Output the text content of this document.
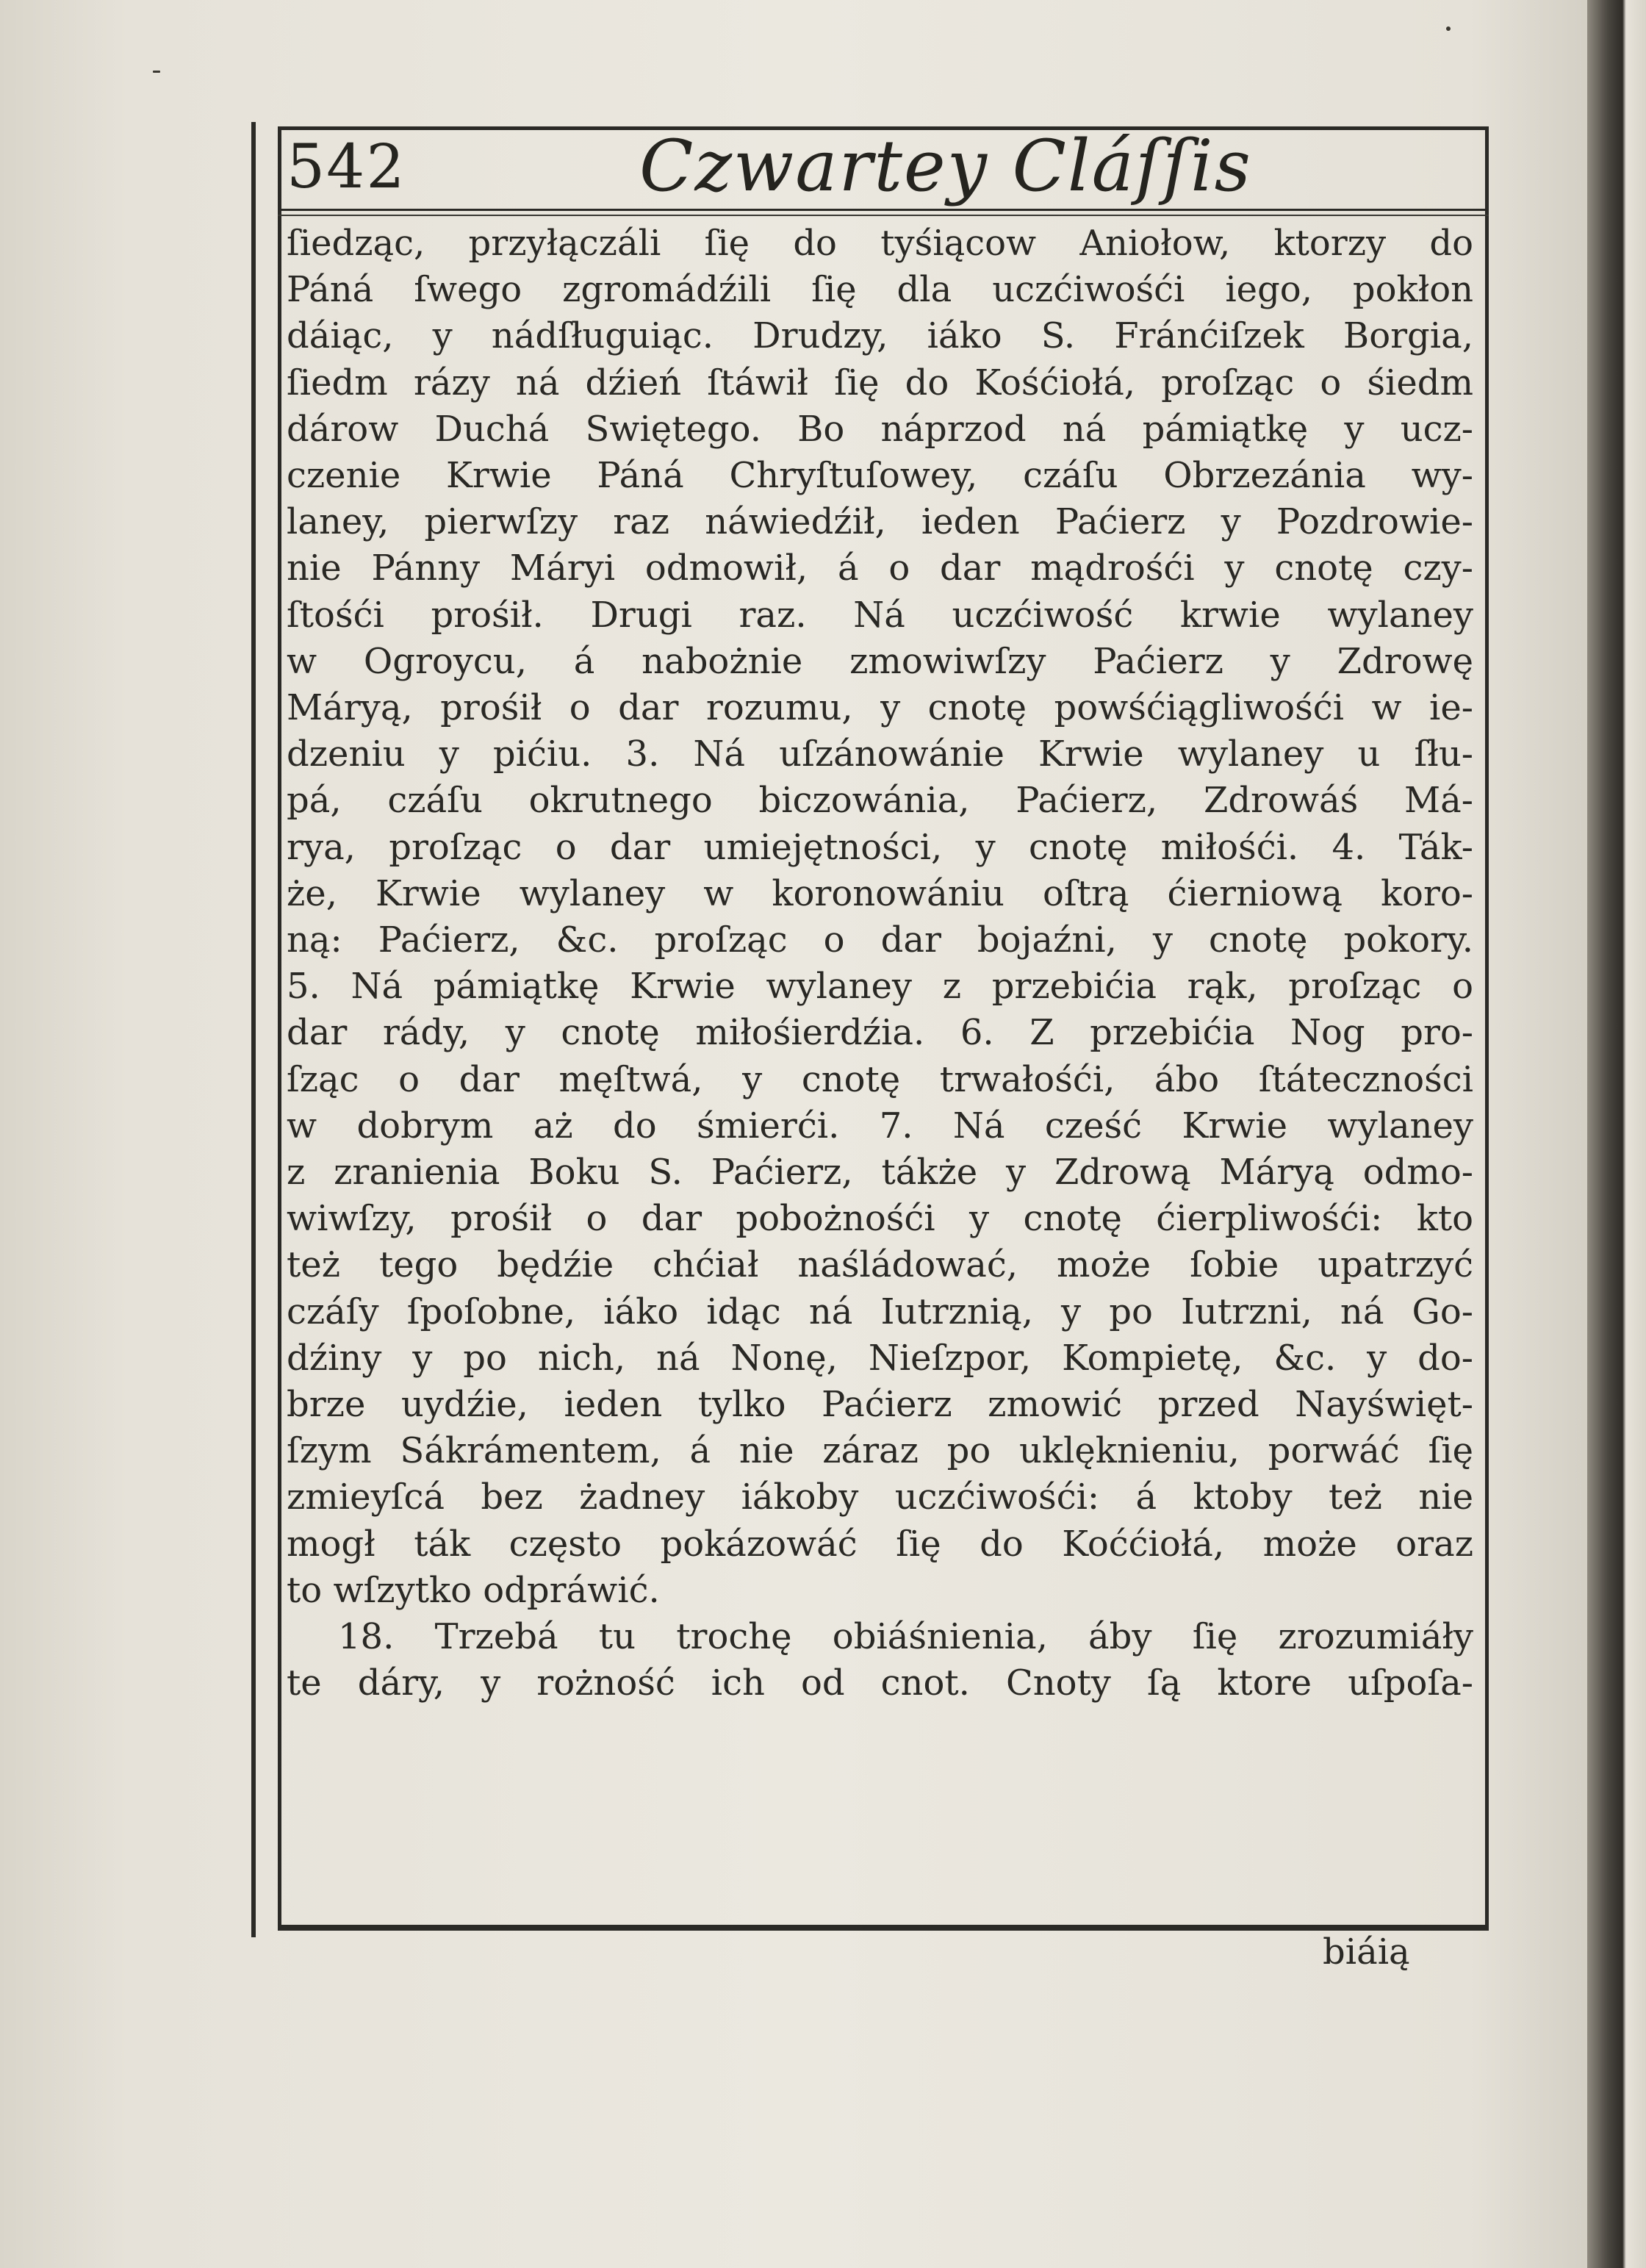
542	Czwartey Cláſſis
ſiedząc, przyłączáli ſię do tyśiącow Aniołow, ktorzy do
Páná ſwego zgromádźili ſię dla uczćiwośći iego, pokłon
dáiąc, y nádſługuiąc. Drudzy, iáko S. Fránćiſzek Borgia,
ſiedm rázy ná dźień ſtáwił ſię do Kośćiołá, proſząc o śiedm
dárow Duchá Swiętego. Bo náprzod ná pámiątkę y ucz-
czenie Krwie Páná Chryſtuſowey, czáſu Obrzezánia wy-
laney, pierwſzy raz náwiedźił, ieden Paćierz y Pozdrowie-
nie Pánny Máryi odmowił, á o dar mądrośći y cnotę czy-
ſtośći prośił. Drugi raz. Ná uczćiwość krwie wylaney
w Ogroycu, á nabożnie zmowiwſzy Paćierz y Zdrowę
Máryą, prośił o dar rozumu, y cnotę powśćiągliwośći w ie-
dzeniu y pićiu. 3. Ná uſzánowánie Krwie wylaney u ſłu-
pá, czáſu okrutnego biczowánia, Paćierz, Zdrowáś Má-
rya, proſząc o dar umiejętności, y cnotę miłośći. 4. Ták-
że, Krwie wylaney w koronowániu oſtrą ćierniową koro-
ną: Paćierz, &c. proſząc o dar bojaźni, y cnotę pokory.
5. Ná pámiątkę Krwie wylaney z przebićia rąk, proſząc o
dar rády, y cnotę miłośierdźia. 6. Z przebićia Nog pro-
ſząc o dar męſtwá, y cnotę trwałośći, ábo ſtáteczności
w dobrym aż do śmierći. 7. Ná cześć Krwie wylaney
z zranienia Boku S. Paćierz, tákże y Zdrową Máryą odmo-
wiwſzy, prośił o dar pobożnośći y cnotę ćierpliwośći: kto
też tego będźie chćiał naśládować, może ſobie upatrzyć
czáſy ſpoſobne, iáko idąc ná Iutrznią, y po Iutrzni, ná Go-
dźiny y po nich, ná Nonę, Nieſzpor, Kompietę, &c. y do-
brze uydźie, ieden tylko Paćierz zmowić przed Nayświęt-
ſzym Sákrámentem, á nie záraz po uklęknieniu, porwáć ſię
zmieyſcá bez żadney iákoby uczćiwośći: á ktoby też nie
mogł ták często pokázowáć ſię do Koććiołá, może oraz
to wſzytko odpráwić.
18. Trzebá tu trochę obiáśnienia, áby ſię zrozumiáły
te dáry, y rożność ich od cnot. Cnoty ſą ktore uſpoſa-
biáią
